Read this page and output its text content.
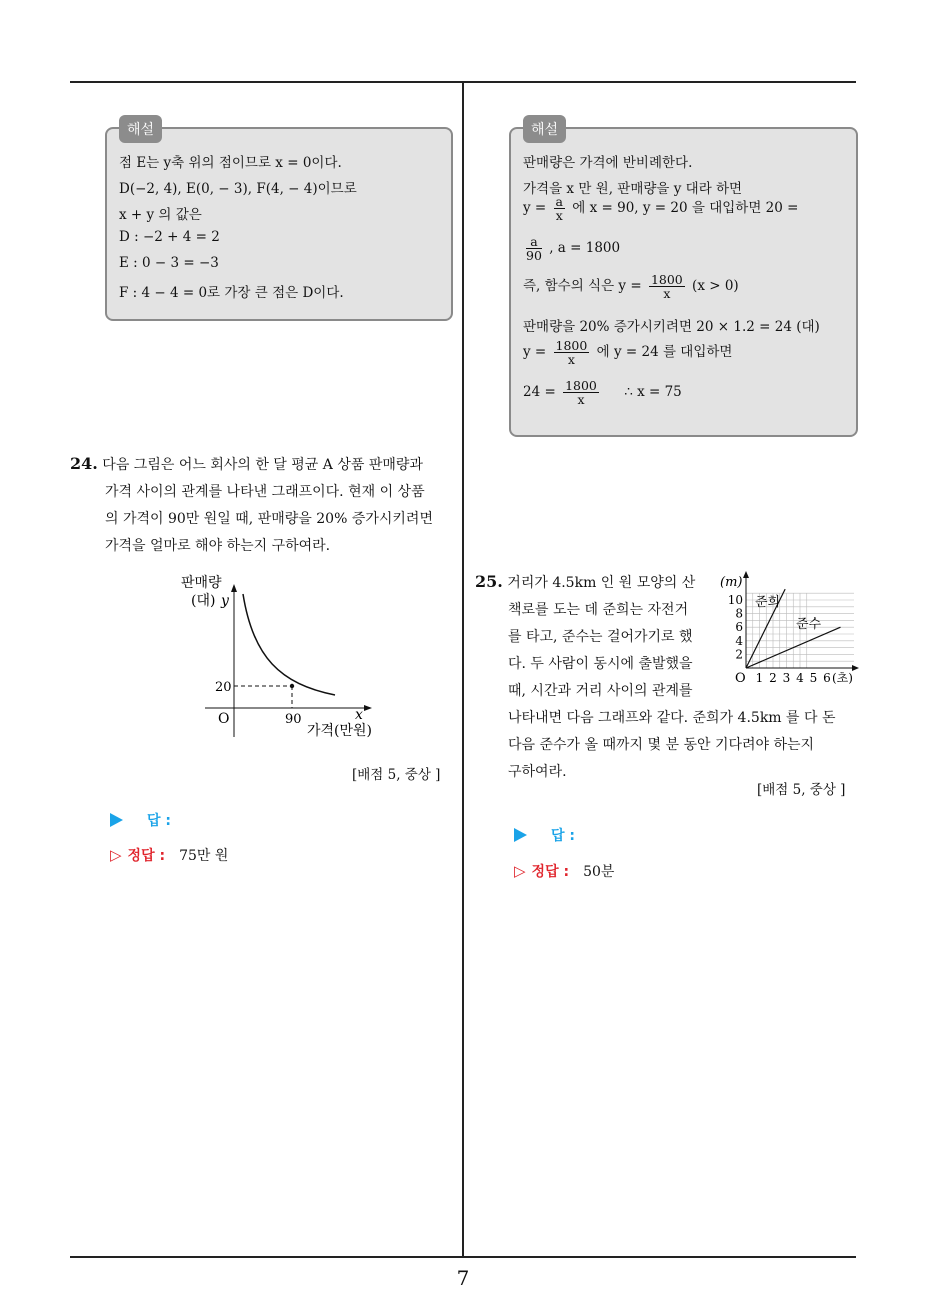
해설
점 E는 y축 위의 점이므로 x = 0이다.
D(−2, 4), E(0, − 3), F(4, − 4)이므로
x + y 의 값은
D : −2 + 4 = 2
E : 0 − 3 = −3
F : 4 − 4 = 0로 가장 큰 점은 D이다.
해설
판매량은 가격에 반비례한다.
가격을 x 만 원, 판매량을 y 대라 하면
$y = \frac{a}{x}$ 에 x = 90, y = 20 을 대입하면 20 =
$\frac{a}{90}$ , a = 1800
즉, 함수의 식은 $y = \frac{1800}{x} (x > 0)$
판매량을 20% 증가시키려면 20 × 1.2 = 24 (대)
$y = \frac{1800}{x}$ 에 y = 24 를 대입하면
$24 = \frac{1800}{x}$ ∴ x = 75
24. 다음 그림은 어느 회사의 한 달 평균 A 상품 판매량과
가격 사이의 관계를 나타낸 그래프이다. 현재 이 상품
의 가격이 90만 원일 때, 판매량을 20% 증가시키려면
가격을 얼마로 해야 하는지 구하여라.
판매량
(대) y
20
O	90	x
가격(만원)
[배점 5, 중상 ]
답 :
▷ 정답 : 75만 원
25. 거리가 4.5km 인 원 모양의 산
책로를 도는 데 준희는 자전거
를 타고, 준수는 걸어가기로 했
다. 두 사람이 동시에 출발했을
때, 시간과 거리 사이의 관계를
나타내면 다음 그래프와 같다. 준희가 4.5km 를 다 돈
다음 준수가 올 때까지 몇 분 동안 기다려야 하는지
구하여라.
2
4
6
8
10
1 2 3 4 5 6
(m)
O	(초)
준희
준수
[배점 5, 중상 ]
답 :
▷ 정답 : 50분
7
